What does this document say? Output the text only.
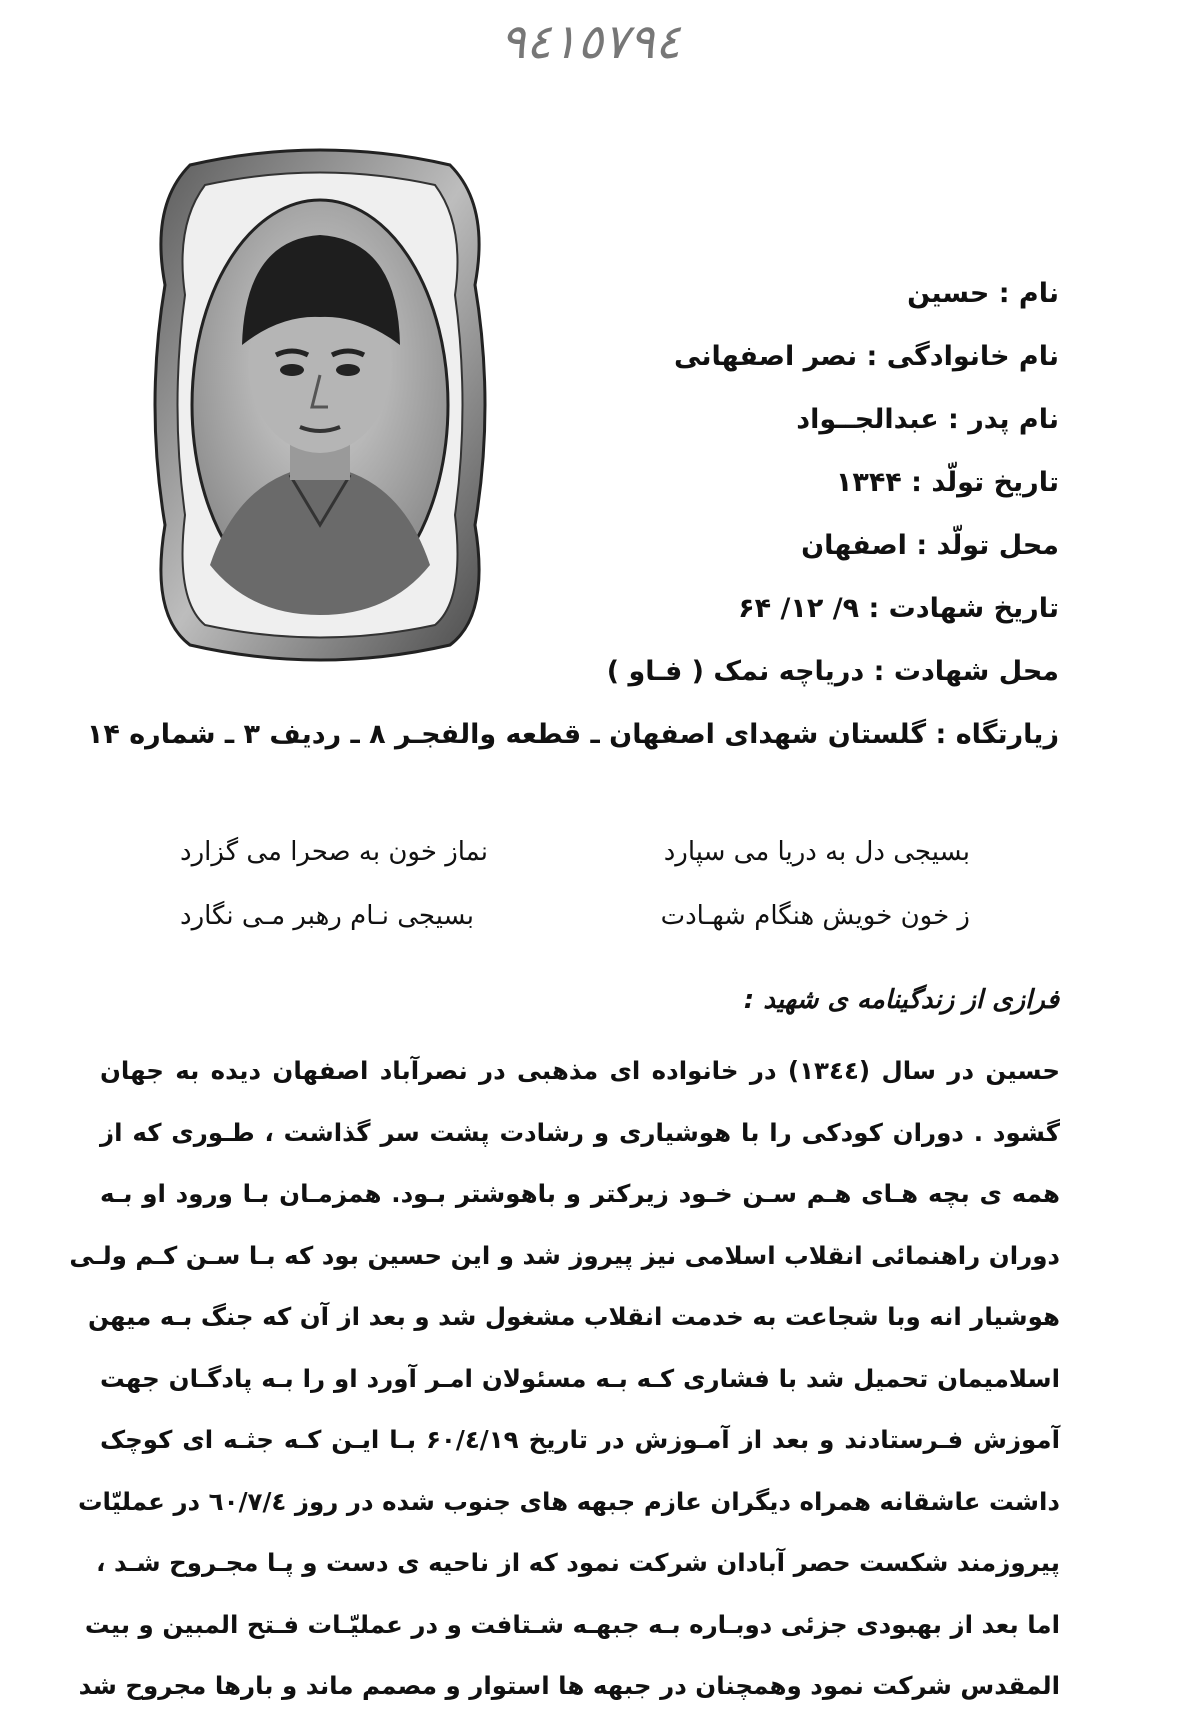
٩٤١٥٧٩٤
نام : حسین
نام خانوادگی : نصر اصفهانی
نام پدر : عبدالجــواد
تاریخ تولّد : ۱۳۴۴
محل تولّد : اصفهان
تاریخ شهادت : ۹/ ۱۲/ ۶۴
محل شهادت : دریاچه نمک ( فـاو )
زیارتگاه : گلستان شهدای اصفهان ـ قطعه والفجـر ۸ ـ ردیف ۳ ـ شماره ۱۴
بسیجی دل به دریا می سپارد
نماز خون به صحرا می گزارد
ز خون خویش هنگام شهـادت
بسیجی نـام رهبر مـی نگارد
فرازی از زندگینامه ی شهید :
حسین در سال (۱۳٤٤) در خانواده ای مذهبی در نصرآباد اصفهان دیده به جهان
گشود . دوران کودکی را با هوشیاری و رشادت پشت سر گذاشت ، طـوری که از
همه ی بچه هـای هـم سـن خـود زیرکتر و باهوشتر بـود. همزمـان بـا ورود او بـه
دوران راهنمائی انقلاب اسلامی نیز پیروز شد و این حسین بود که بـا سـن کـم ولـی
هوشیار انه وبا شجاعت به خدمت انقلاب مشغول شد و بعد از آن که جنگ بـه میهن
اسلامیمان تحمیل شد با فشاری کـه بـه مسئولان امـر آورد او را بـه پادگـان جهت
آموزش فـرستادند و بعد از آمـوزش در تاریخ ۶۰/٤/۱۹ بـا ایـن کـه جثـه ای کوچک
داشت عاشقانه همراه دیگران عازم جبهه های جنوب شده در روز ٦٠/۷/٤ در عملیّات
پیروزمند شکست حصر آبادان شرکت نمود که از ناحیه ی دست و پـا مجـروح شـد ،
اما بعد از بهبودی جزئی دوبـاره بـه جبهـه شـتافت و در عملیّـات فـتح المبین و بیت
المقدس شرکت نمود وهمچنان در جبهه ها استوار و مصمم ماند و بارها مجروح شد
